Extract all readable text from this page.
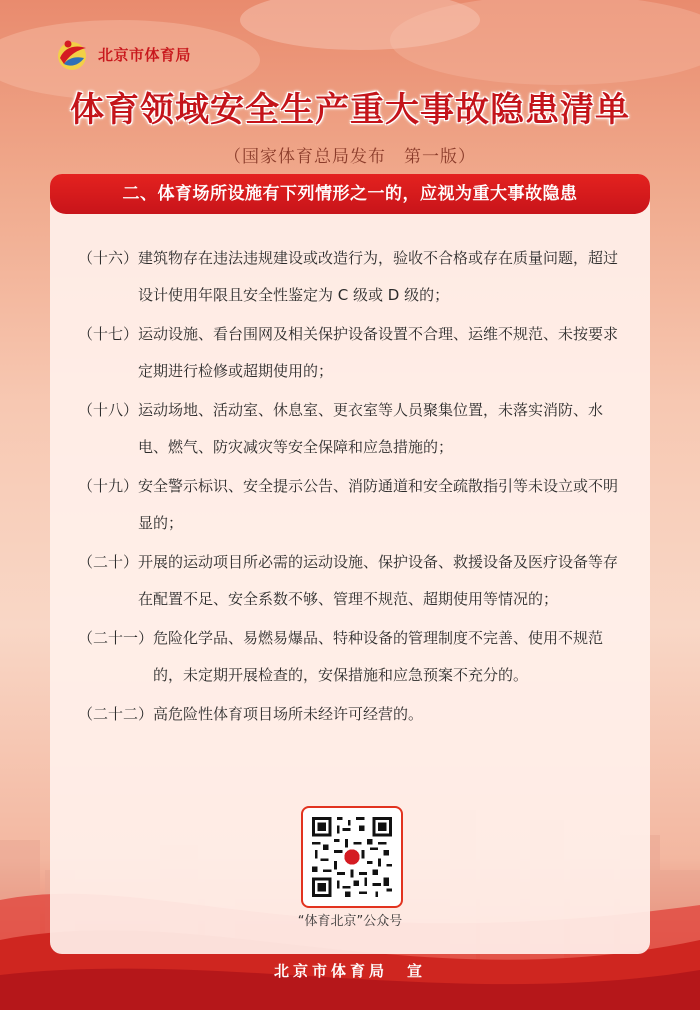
北京市体育局
体育领域安全生产重大事故隐患清单
（国家体育总局发布　第一版）
二、体育场所设施有下列情形之一的，应视为重大事故隐患
（十六） 建筑物存在违法违规建设或改造行为，验收不合格或存在质量问题，超过设计使用年限且安全性鉴定为 C 级或 D 级的；
（十七） 运动设施、看台围网及相关保护设备设置不合理、运维不规范、未按要求定期进行检修或超期使用的；
（十八） 运动场地、活动室、休息室、更衣室等人员聚集位置，未落实消防、水电、燃气、防灾减灾等安全保障和应急措施的；
（十九） 安全警示标识、安全提示公告、消防通道和安全疏散指引等未设立或不明显的；
（二十） 开展的运动项目所必需的运动设施、保护设备、救援设备及医疗设备等存在配置不足、安全系数不够、管理不规范、超期使用等情况的；
（二十一） 危险化学品、易燃易爆品、特种设备的管理制度不完善、使用不规范的，未定期开展检查的，安保措施和应急预案不充分的。
（二十二） 高危险性体育项目场所未经许可经营的。
“体育北京”公众号
北京市体育局　宣
